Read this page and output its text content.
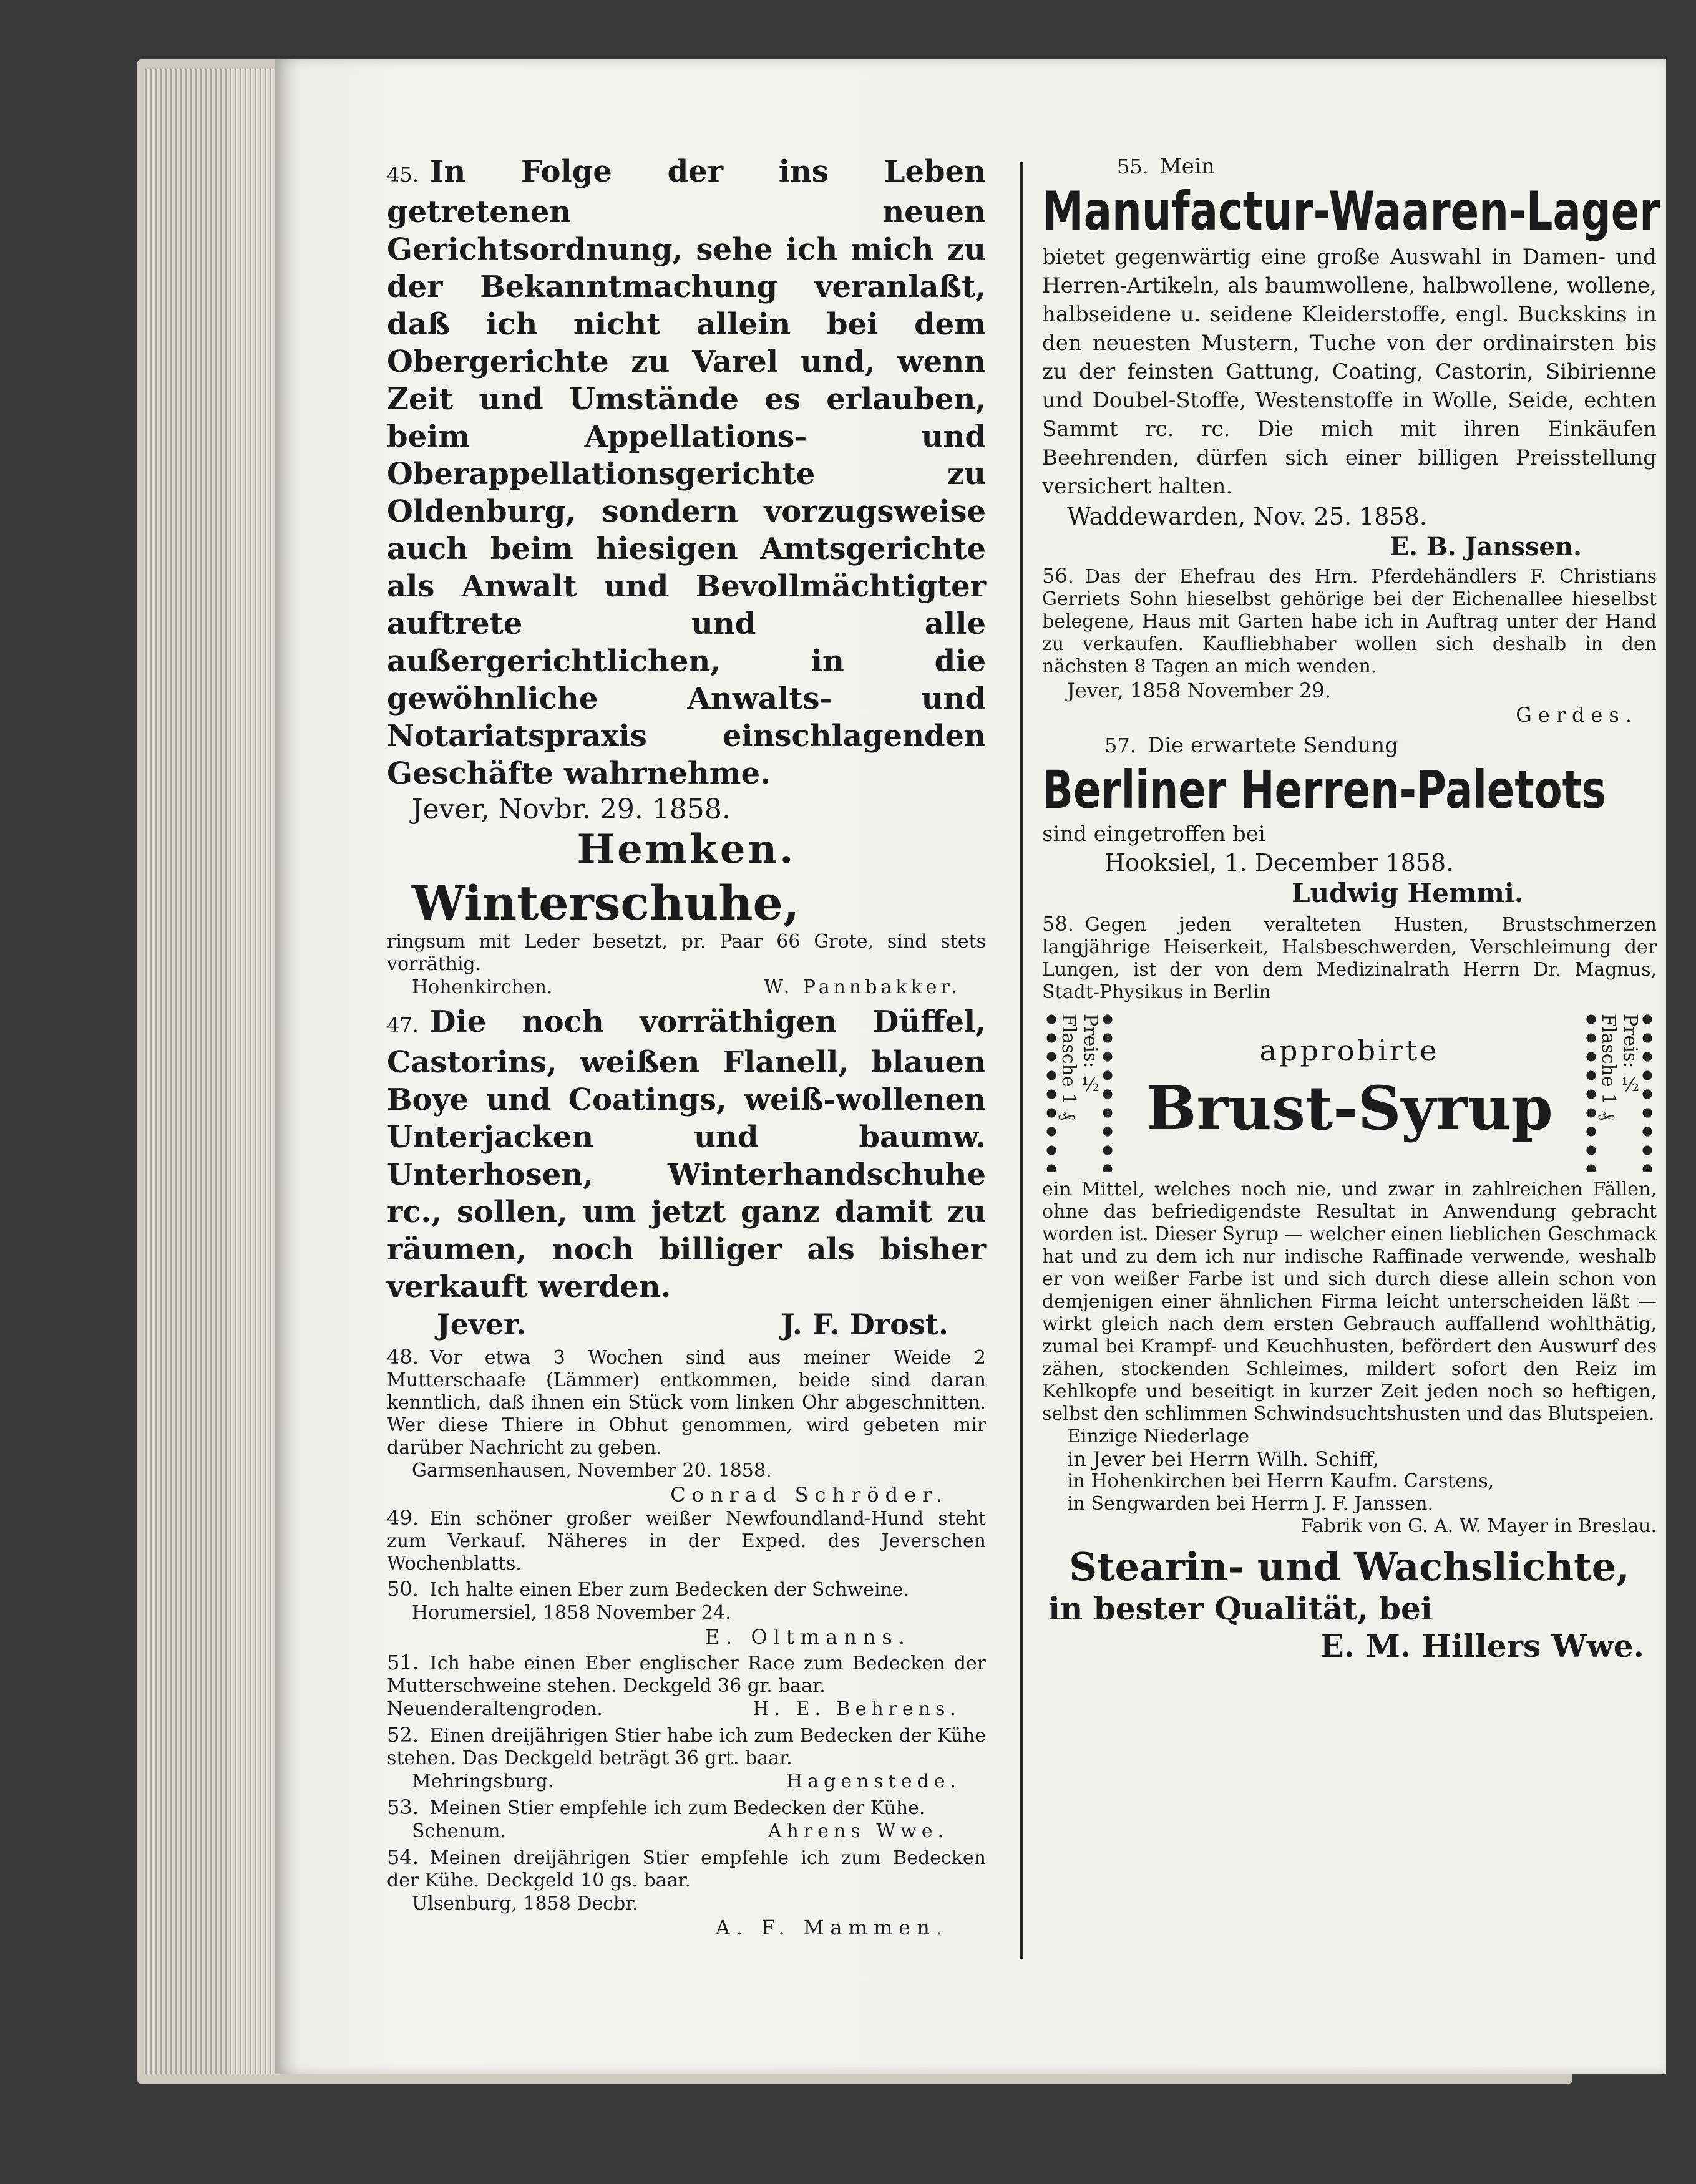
45. In Folge der ins Leben getretenen neuen Gerichtsordnung, sehe ich mich zu der Bekanntmachung veranlaßt, daß ich nicht allein bei dem Obergerichte zu Varel und, wenn Zeit und Umstände es erlauben, beim Appellations- und Oberappellationsgerichte zu Oldenburg, sondern vorzugsweise auch beim hiesigen Amtsgerichte als Anwalt und Bevollmächtigter auftrete und alle außergerichtlichen, in die gewöhnliche Anwalts- und Notariatspraxis einschlagenden Geschäfte wahrnehme.

Jever, Novbr. 29. 1858.

Hemken.

Winterschuhe,

ringsum mit Leder besetzt, pr. Paar 66 Grote, sind stets vorräthig.

Hohenkirchen.	W. Pannbakker.

47. Die noch vorräthigen Düffel, Castorins, weißen Flanell, blauen Boye und Coatings, weiß-wollenen Unterjacken und baumw. Unterhosen, Winterhandschuhe rc., sollen, um jetzt ganz damit zu räumen, noch billiger als bisher verkauft werden.

Jever.	J. F. Drost.

48. Vor etwa 3 Wochen sind aus meiner Weide 2 Mutterschaafe (Lämmer) entkommen, beide sind daran kenntlich, daß ihnen ein Stück vom linken Ohr abgeschnitten. Wer diese Thiere in Obhut genommen, wird gebeten mir darüber Nachricht zu geben.

Garmsenhausen, November 20. 1858.

Conrad Schröder.

49. Ein schöner großer weißer Newfoundland-Hund steht zum Verkauf. Näheres in der Exped. des Jeverschen Wochenblatts.

50. Ich halte einen Eber zum Bedecken der Schweine.

Horumersiel, 1858 November 24.

E. Oltmanns.

51. Ich habe einen Eber englischer Race zum Bedecken der Mutterschweine stehen. Deckgeld 36 gr. baar.

Neuenderaltengroden.	H. E. Behrens.

52. Einen dreijährigen Stier habe ich zum Bedecken der Kühe stehen. Das Deckgeld beträgt 36 grt. baar.

Mehringsburg.	Hagenstede.

53. Meinen Stier empfehle ich zum Bedecken der Kühe.

Schenum.	Ahrens Wwe.

54. Meinen dreijährigen Stier empfehle ich zum Bedecken der Kühe. Deckgeld 10 gs. baar.

Ulsenburg, 1858 Decbr.

A. F. Mammen.

55. Mein

Manufactur-Waaren-Lager

bietet gegenwärtig eine große Auswahl in Damen- und Herren-Artikeln, als baumwollene, halbwollene, wollene, halbseidene u. seidene Kleiderstoffe, engl. Buckskins in den neuesten Mustern, Tuche von der ordinairsten bis zu der feinsten Gattung, Coating, Castorin, Sibirienne und Doubel-Stoffe, Westenstoffe in Wolle, Seide, echten Sammt rc. rc. Die mich mit ihren Einkäufen Beehrenden, dürfen sich einer billigen Preisstellung versichert halten.

Waddewarden, Nov. 25. 1858.

E. B. Janssen.

56. Das der Ehefrau des Hrn. Pferdehändlers F. Christians Gerriets Sohn hieselbst gehörige bei der Eichenallee hieselbst belegene, Haus mit Garten habe ich in Auftrag unter der Hand zu verkaufen. Kaufliebhaber wollen sich deshalb in den nächsten 8 Tagen an mich wenden.

Jever, 1858 November 29.

Gerdes.

57. Die erwartete Sendung

Berliner Herren-Paletots

sind eingetroffen bei

Hooksiel, 1. December 1858.

Ludwig Hemmi.

58. Gegen jeden veralteten Husten, Brustschmerzen langjährige Heiserkeit, Halsbeschwerden, Verschleimung der Lungen, ist der von dem Medizinalrath Herrn Dr. Magnus, Stadt-Physikus in Berlin

Preis: ½ Flasche 1 ₰	approbirte

Brust-Syrup

Preis: ½ Flasche 1 ₰

ein Mittel, welches noch nie, und zwar in zahlreichen Fällen, ohne das befriedigendste Resultat in Anwendung gebracht worden ist. Dieser Syrup — welcher einen lieblichen Geschmack hat und zu dem ich nur indische Raffinade verwende, weshalb er von weißer Farbe ist und sich durch diese allein schon von demjenigen einer ähnlichen Firma leicht unterscheiden läßt — wirkt gleich nach dem ersten Gebrauch auffallend wohlthätig, zumal bei Krampf- und Keuchhusten, befördert den Auswurf des zähen, stockenden Schleimes, mildert sofort den Reiz im Kehlkopfe und beseitigt in kurzer Zeit jeden noch so heftigen, selbst den schlimmen Schwindsuchtshusten und das Blutspeien.

Einzige Niederlage

in Jever bei Herrn Wilh. Schiff,

in Hohenkirchen bei Herrn Kaufm. Carstens,

in Sengwarden bei Herrn J. F. Janssen.

Fabrik von G. A. W. Mayer in Breslau.

Stearin- und Wachslichte,

in bester Qualität, bei

E. M. Hillers Wwe.
